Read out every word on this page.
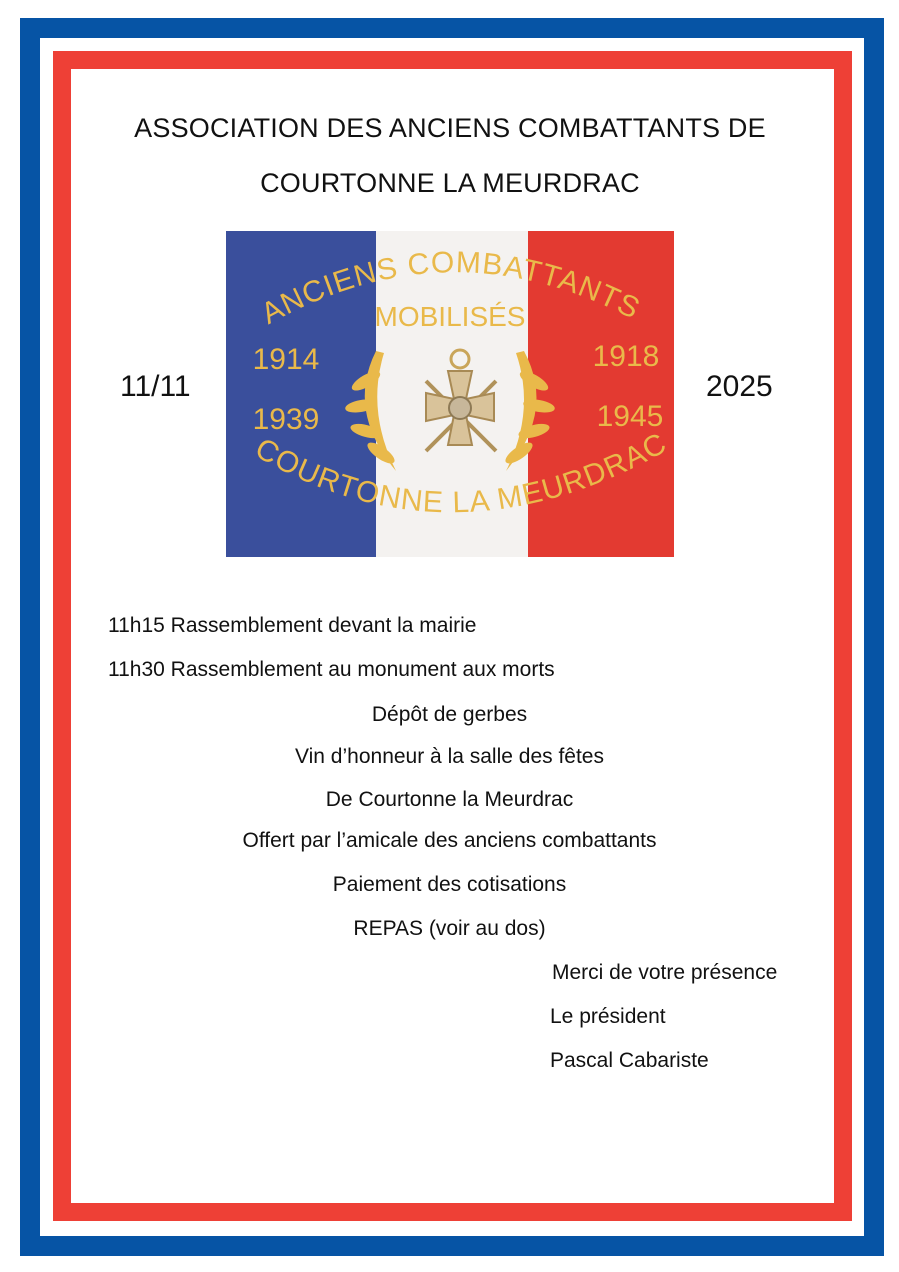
ASSOCIATION DES ANCIENS COMBATTANTS DE
COURTONNE LA MEURDRAC
11/11	2025
ANCIENS COMBATTANTS
MOBILISÉS
1914
1939
1918
1945
COURTONNE LA MEURDRAC
11h15 Rassemblement devant la mairie
11h30 Rassemblement au monument aux morts
Dépôt de gerbes
Vin d’honneur à la salle des fêtes
De Courtonne la Meurdrac
Offert par l’amicale des anciens combattants
Paiement des cotisations
REPAS (voir au dos)
Merci de votre présence
Le président
Pascal Cabariste
